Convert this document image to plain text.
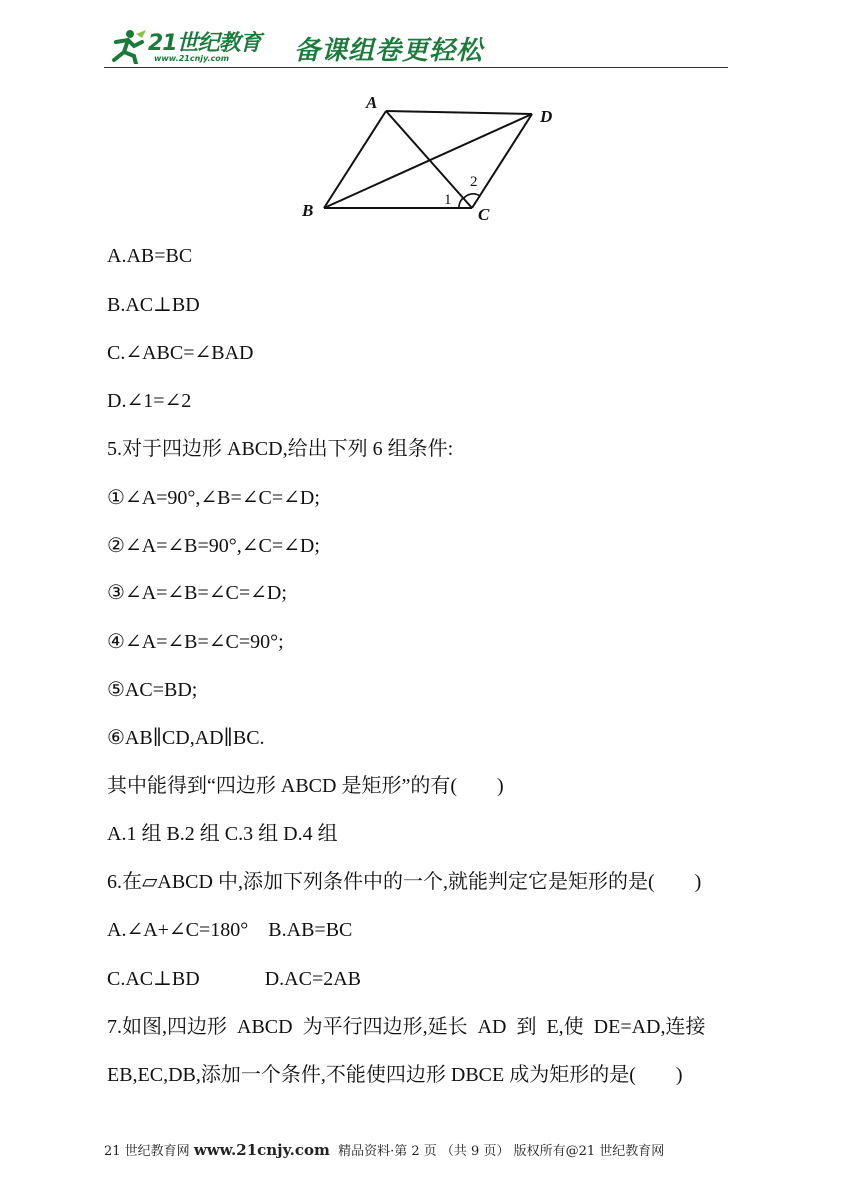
21世纪教育
www.21cnjy.com 备课组卷更轻松
A
D
B	C
1
2
A.AB=BC
B.AC⊥BD
C.∠ABC=∠BAD
D.∠1=∠2
5.对于四边形 ABCD,给出下列 6 组条件:
①∠A=90°,∠B=∠C=∠D;
②∠A=∠B=90°,∠C=∠D;
③∠A=∠B=∠C=∠D;
④∠A=∠B=∠C=90°;
⑤AC=BD;
⑥AB∥CD,AD∥BC.
其中能得到“四边形 ABCD 是矩形”的有(        )
A.1 组 B.2 组 C.3 组 D.4 组
6.在▱ABCD 中,添加下列条件中的一个,就能判定它是矩形的是(        )
A.∠A+∠C=180°    B.AB=BC
C.AC⊥BD             D.AC=2AB
7.如图,四边形  ABCD  为平行四边形,延长  AD  到  E,使  DE=AD,连接
EB,EC,DB,添加一个条件,不能使四边形 DBCE 成为矩形的是(        )
21 世纪教育网 www.21cnjy.com  精品资料·第 2 页 （共 9 页） 版权所有@21 世纪教育网
